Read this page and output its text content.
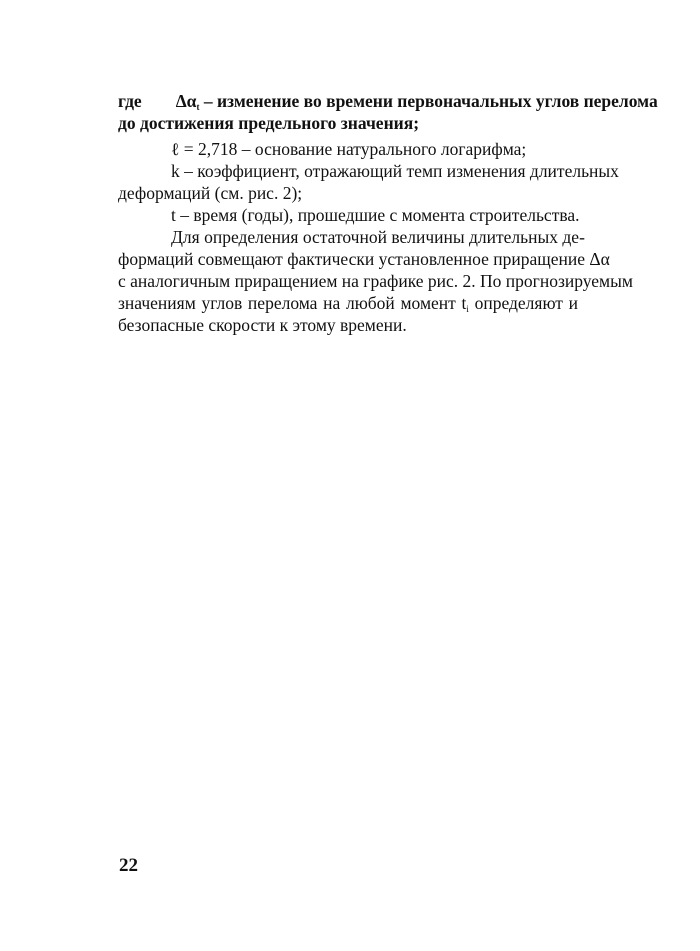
где $\Delta\alpha_t$ – изменение во времени первоначальных углов перелома
до достижения предельного значения;
ℓ = 2,718 – основание натурального логарифма;
k – коэффициент, отражающий темп изменения длительных
деформаций (см. рис. 2);
t – время (годы), прошедшие с момента строительства.
Для определения остаточной величины длительных де-
формаций совмещают фактически установленное приращение Δα
с аналогичным приращением на графике рис. 2. По прогнозируемым
значениям углов перелома на любой момент $t_i$ определяют и
безопасные скорости к этому времени.
22
